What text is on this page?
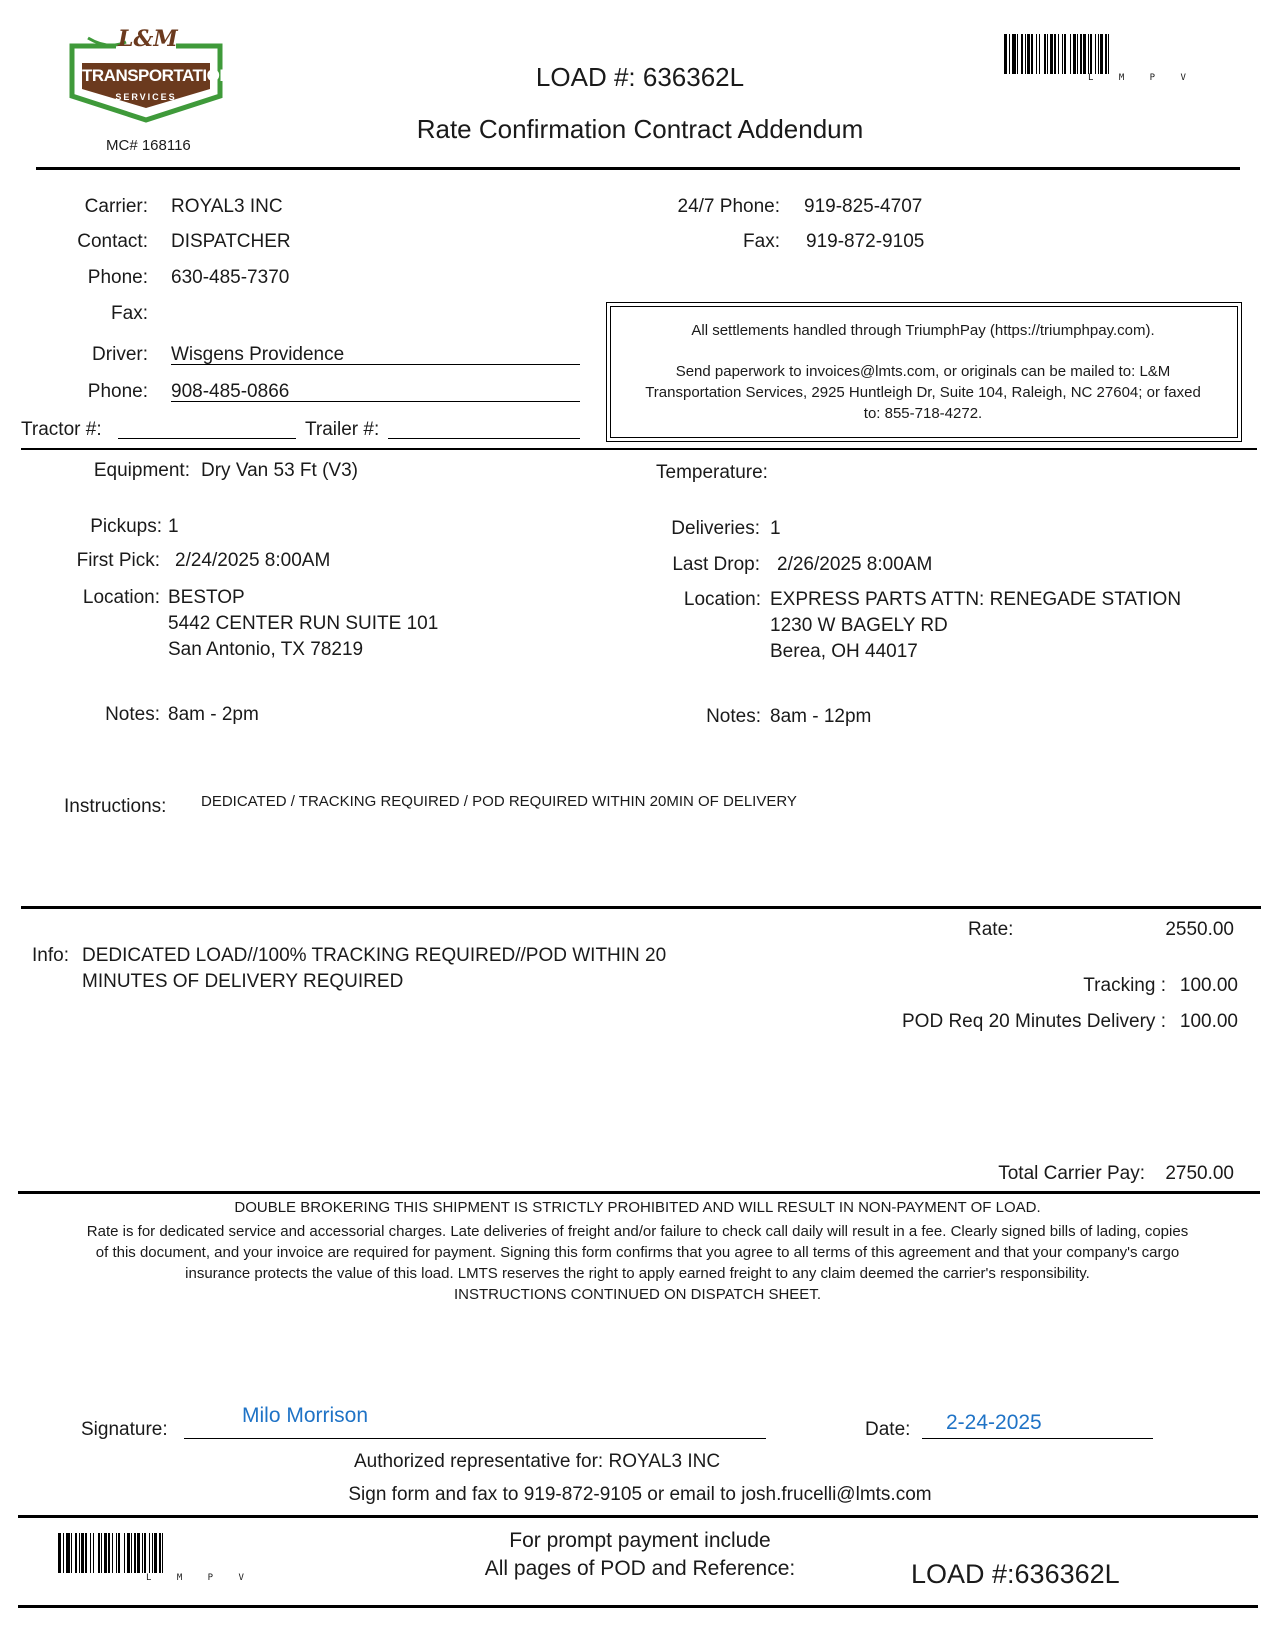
L&M
TRANSPORTATION
SERVICES
MC# 168116
LOAD #: 636362L
Rate Confirmation Contract Addendum
L M P V
Carrier: ROYAL3 INC
Contact: DISPATCHER
Phone: 630-485-7370
Fax:
Driver: Wisgens Providence
Phone: 908-485-0866
Tractor #:	Trailer #:
24/7 Phone: 919-825-4707
Fax: 919-872-9105
All settlements handled through TriumphPay (https://triumphpay.com).
Send paperwork to invoices@lmts.com, or originals can be mailed to: L&M
Transportation Services, 2925 Huntleigh Dr, Suite 104, Raleigh, NC 27604; or faxed
to: 855-718-4272.
Equipment: Dry Van 53 Ft (V3)	Temperature:
Pickups: 1
First Pick: 2/24/2025 8:00AM
Location: BESTOP
5442 CENTER RUN SUITE 101
San Antonio, TX 78219
Notes: 8am - 2pm
Deliveries: 1
Last Drop: 2/26/2025 8:00AM
Location: EXPRESS PARTS ATTN: RENEGADE STATION
1230 W BAGELY RD
Berea, OH 44017
Notes: 8am - 12pm
Instructions: DEDICATED / TRACKING REQUIRED / POD REQUIRED WITHIN 20MIN OF DELIVERY
Info: DEDICATED LOAD//100% TRACKING REQUIRED//POD WITHIN 20
MINUTES OF DELIVERY REQUIRED
Rate:	2550.00
Tracking : 100.00
POD Req 20 Minutes Delivery : 100.00
Total Carrier Pay:	2750.00
DOUBLE BROKERING THIS SHIPMENT IS STRICTLY PROHIBITED AND WILL RESULT IN NON-PAYMENT OF LOAD.
Rate is for dedicated service and accessorial charges. Late deliveries of freight and/or failure to check call daily will result in a fee. Clearly signed bills of lading, copies
of this document, and your invoice are required for payment. Signing this form confirms that you agree to all terms of this agreement and that your company's cargo
insurance protects the value of this load. LMTS reserves the right to apply earned freight to any claim deemed the carrier's responsibility.
INSTRUCTIONS CONTINUED ON DISPATCH SHEET.
Signature:
Milo Morrison
Date: 2-24-2025
Authorized representative for: ROYAL3 INC
Sign form and fax to 919-872-9105 or email to josh.frucelli@lmts.com
L M P V
For prompt payment include
All pages of POD and Reference:	LOAD #:636362L
